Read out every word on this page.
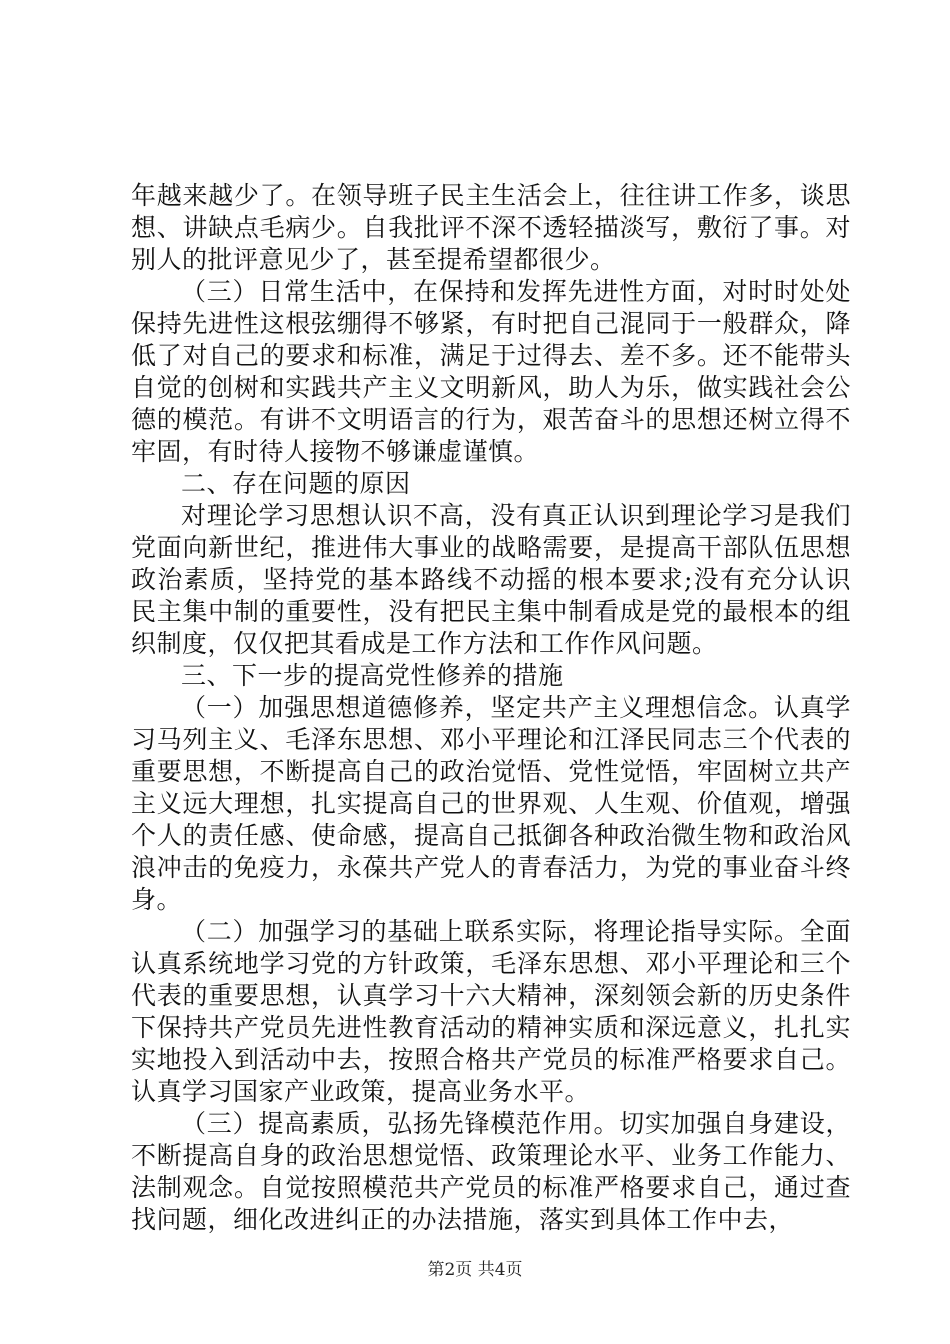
年越来越少了。在领导班子民主生活会上，往往讲工作多，谈思想、讲缺点毛病少。自我批评不深不透轻描淡写，敷衍了事。对别人的批评意见少了，甚至提希望都很少。

（三）日常生活中，在保持和发挥先进性方面，对时时处处保持先进性这根弦绷得不够紧，有时把自己混同于一般群众，降低了对自己的要求和标准，满足于过得去、差不多。还不能带头自觉的创树和实践共产主义文明新风，助人为乐，做实践社会公德的模范。有讲不文明语言的行为，艰苦奋斗的思想还树立得不牢固，有时待人接物不够谦虚谨慎。

二、存在问题的原因

对理论学习思想认识不高，没有真正认识到理论学习是我们党面向新世纪，推进伟大事业的战略需要，是提高干部队伍思想政治素质，坚持党的基本路线不动摇的根本要求;没有充分认识民主集中制的重要性，没有把民主集中制看成是党的最根本的组织制度，仅仅把其看成是工作方法和工作作风问题。

三、下一步的提高党性修养的措施

（一）加强思想道德修养，坚定共产主义理想信念。认真学习马列主义、毛泽东思想、邓小平理论和江泽民同志三个代表的重要思想，不断提高自己的政治觉悟、党性觉悟，牢固树立共产主义远大理想，扎实提高自己的世界观、人生观、价值观，增强个人的责任感、使命感，提高自己抵御各种政治微生物和政治风浪冲击的免疫力，永葆共产党人的青春活力，为党的事业奋斗终身。

（二）加强学习的基础上联系实际，将理论指导实际。全面认真系统地学习党的方针政策，毛泽东思想、邓小平理论和三个代表的重要思想，认真学习十六大精神，深刻领会新的历史条件下保持共产党员先进性教育活动的精神实质和深远意义，扎扎实实地投入到活动中去，按照合格共产党员的标准严格要求自己。认真学习国家产业政策，提高业务水平。

（三）提高素质，弘扬先锋模范作用。切实加强自身建设，不断提高自身的政治思想觉悟、政策理论水平、业务工作能力、法制观念。自觉按照模范共产党员的标准严格要求自己，通过查找问题，细化改进纠正的办法措施，落实到具体工作中去，

第2页 共4页
